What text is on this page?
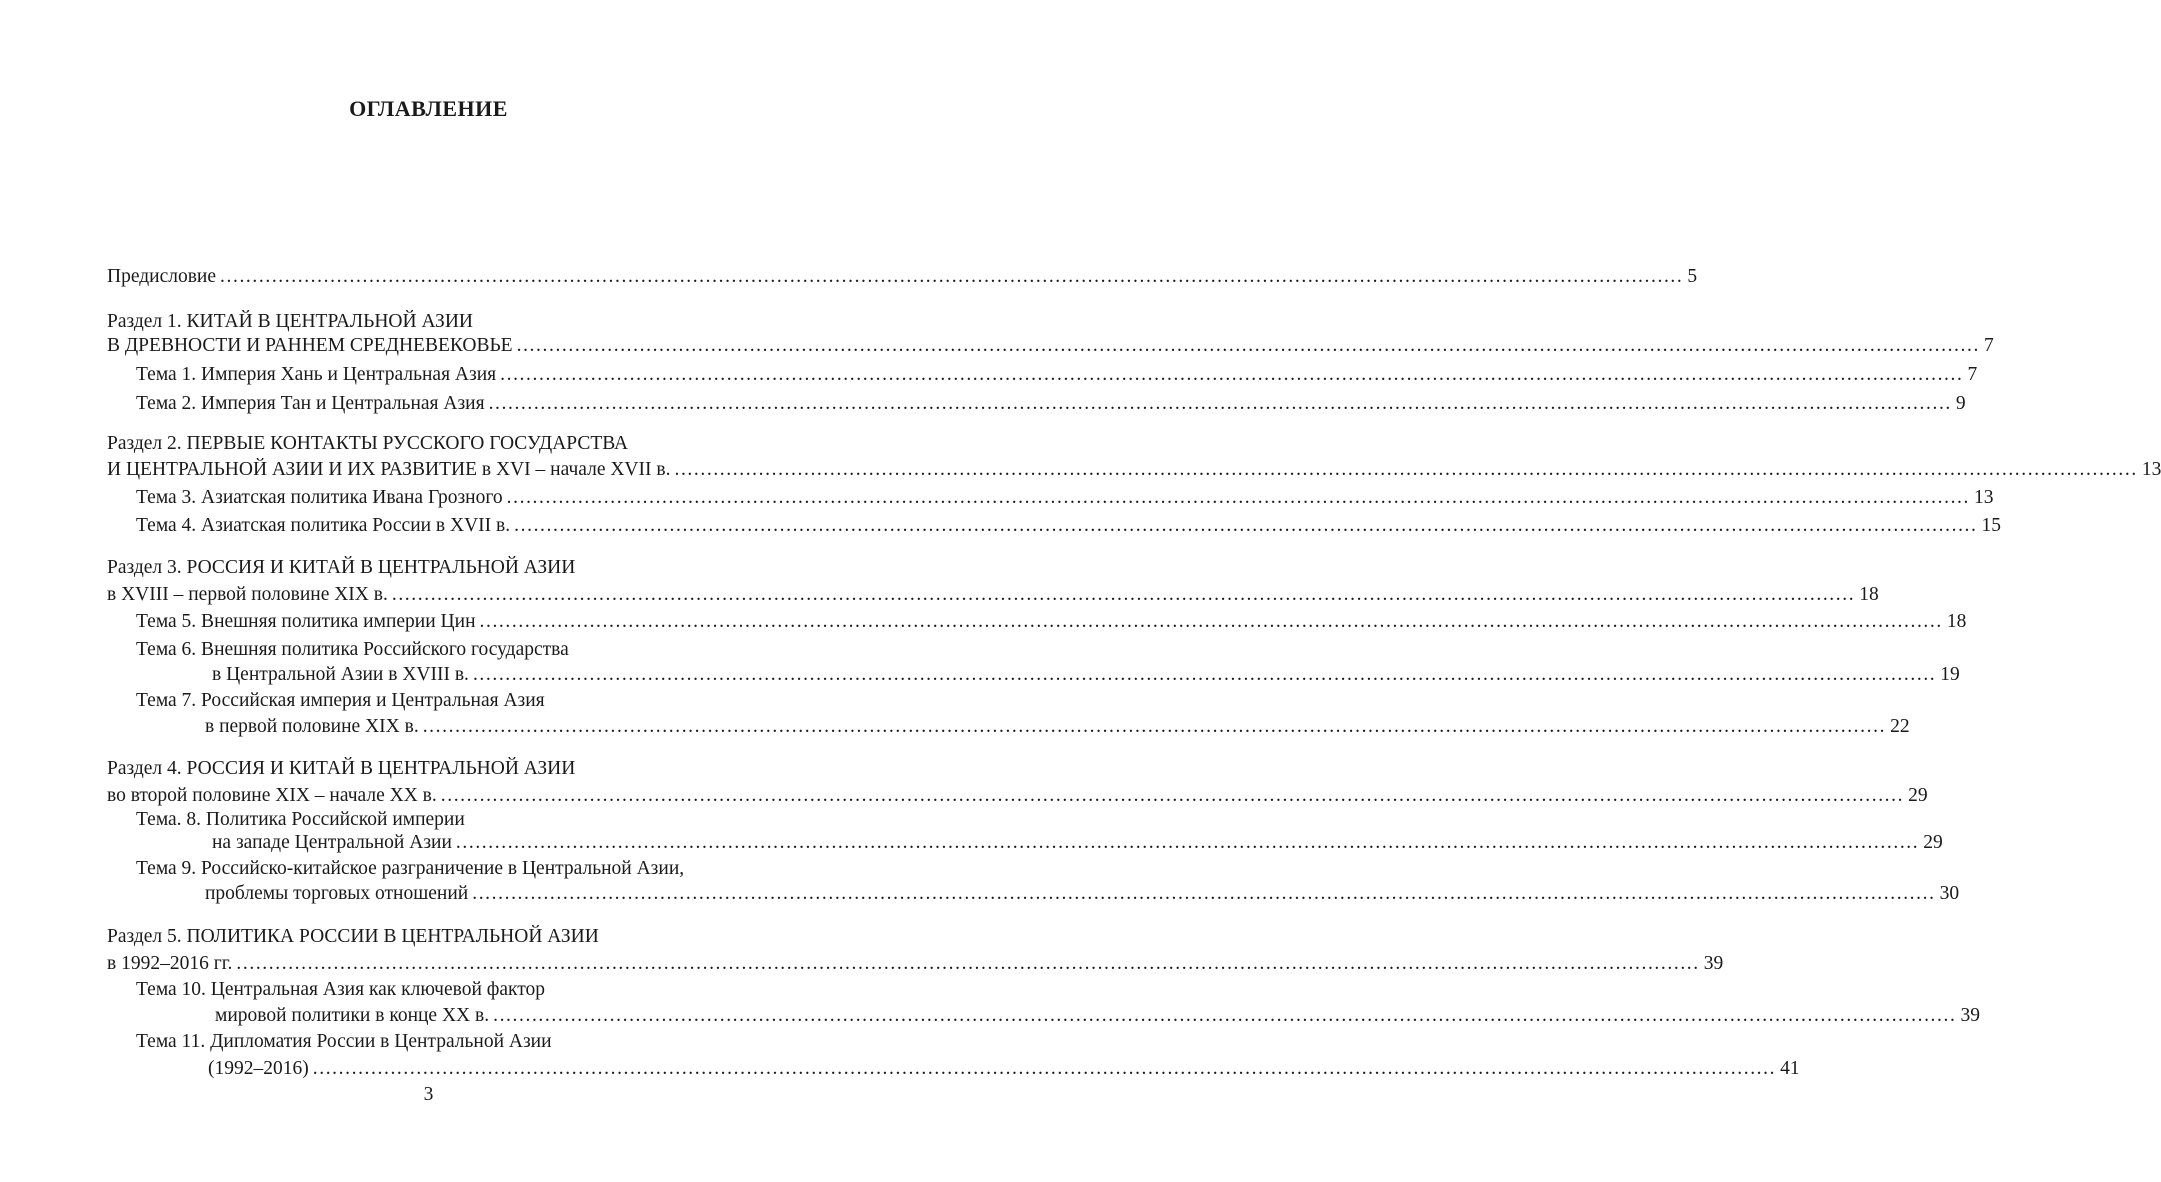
ОГЛАВЛЕНИЕ
Предисловие .................................................................................................................................................................................................................................. 5
Раздел 1. КИТАЙ В ЦЕНТРАЛЬНОЙ АЗИИ
В ДРЕВНОСТИ И РАННЕМ СРЕДНЕВЕКОВЬЕ .................................................................................................................................................................................................................................. 7
Тема 1. Империя Хань и Центральная Азия .................................................................................................................................................................................................................................. 7
Тема 2. Империя Тан и Центральная Азия .................................................................................................................................................................................................................................. 9
Раздел 2. ПЕРВЫЕ КОНТАКТЫ РУССКОГО ГОСУДАРСТВА
И ЦЕНТРАЛЬНОЙ АЗИИ И ИХ РАЗВИТИЕ в XVI – начале XVII в. .................................................................................................................................................................................................................................. 13
Тема 3. Азиатская политика Ивана Грозного .................................................................................................................................................................................................................................. 13
Тема 4. Азиатская политика России в XVII в. .................................................................................................................................................................................................................................. 15
Раздел 3. РОССИЯ И КИТАЙ В ЦЕНТРАЛЬНОЙ АЗИИ
в XVIII – первой половине XIX в. .................................................................................................................................................................................................................................. 18
Тема 5. Внешняя политика империи Цин .................................................................................................................................................................................................................................. 18
Тема 6. Внешняя политика Российского государства
в Центральной Азии в XVIII в. .................................................................................................................................................................................................................................. 19
Тема 7. Российская империя и Центральная Азия
в первой половине XIX в. .................................................................................................................................................................................................................................. 22
Раздел 4. РОССИЯ И КИТАЙ В ЦЕНТРАЛЬНОЙ АЗИИ
во второй половине XIX – начале XX в. .................................................................................................................................................................................................................................. 29
Тема. 8. Политика Российской империи
на западе Центральной Азии .................................................................................................................................................................................................................................. 29
Тема 9. Российско-китайское разграничение в Центральной Азии,
проблемы торговых отношений .................................................................................................................................................................................................................................. 30
Раздел 5. ПОЛИТИКА РОССИИ В ЦЕНТРАЛЬНОЙ АЗИИ
в 1992–2016 гг. .................................................................................................................................................................................................................................. 39
Тема 10. Центральная Азия как ключевой фактор
мировой политики в конце XX в. .................................................................................................................................................................................................................................. 39
Тема 11. Дипломатия России в Центральной Азии
(1992–2016) .................................................................................................................................................................................................................................. 41
3
